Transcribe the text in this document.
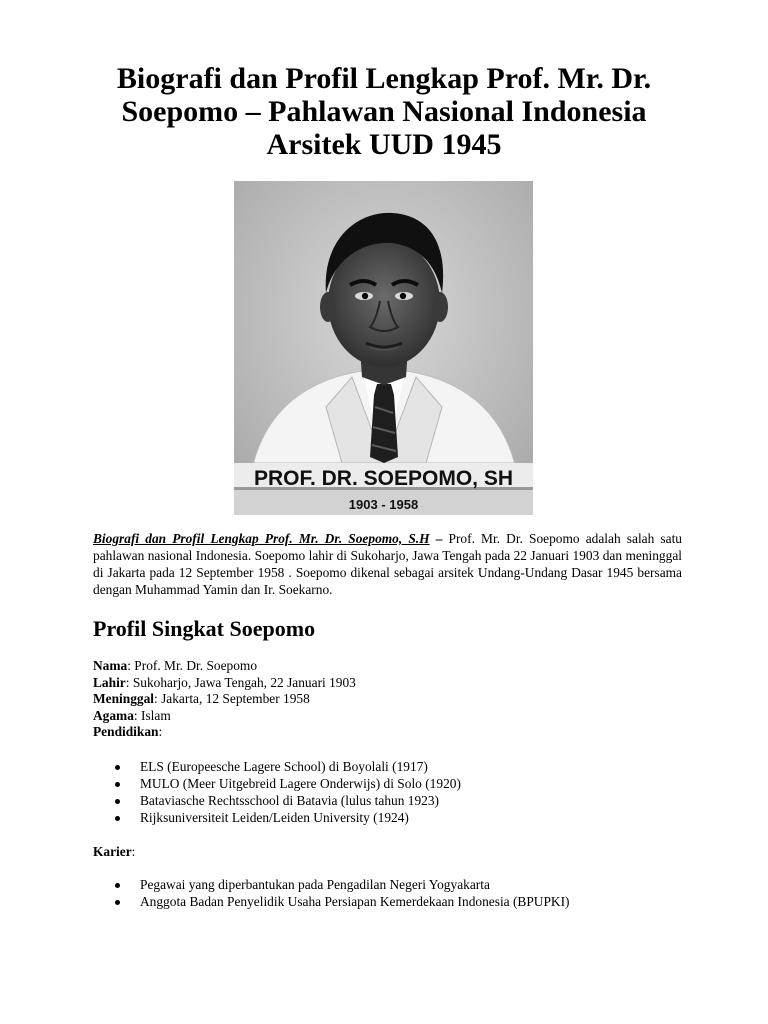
Biografi dan Profil Lengkap Prof. Mr. Dr.
Soepomo – Pahlawan Nasional Indonesia
Arsitek UUD 1945
PROF. DR. SOEPOMO, SH
1903 - 1958

Biografi dan Profil Lengkap Prof. Mr. Dr. Soepomo, S.H – Prof. Mr. Dr. Soepomo adalah salah satu pahlawan nasional Indonesia. Soepomo lahir di Sukoharjo, Jawa Tengah pada 22 Januari 1903 dan meninggal di Jakarta pada 12 September 1958 . Soepomo dikenal sebagai arsitek Undang-Undang Dasar 1945 bersama dengan Muhammad Yamin dan Ir. Soekarno.

Profil Singkat Soepomo
Nama: Prof. Mr. Dr. Soepomo
Lahir: Sukoharjo, Jawa Tengah, 22 Januari 1903
Meninggal: Jakarta, 12 September 1958
Agama: Islam
Pendidikan:
ELS (Europeesche Lagere School) di Boyolali (1917)
MULO (Meer Uitgebreid Lagere Onderwijs) di Solo (1920)
Bataviasche Rechtsschool di Batavia (lulus tahun 1923)
Rijksuniversiteit Leiden/Leiden University (1924)

Karier:

Pegawai yang diperbantukan pada Pengadilan Negeri Yogyakarta
Anggota Badan Penyelidik Usaha Persiapan Kemerdekaan Indonesia (BPUPKI)
